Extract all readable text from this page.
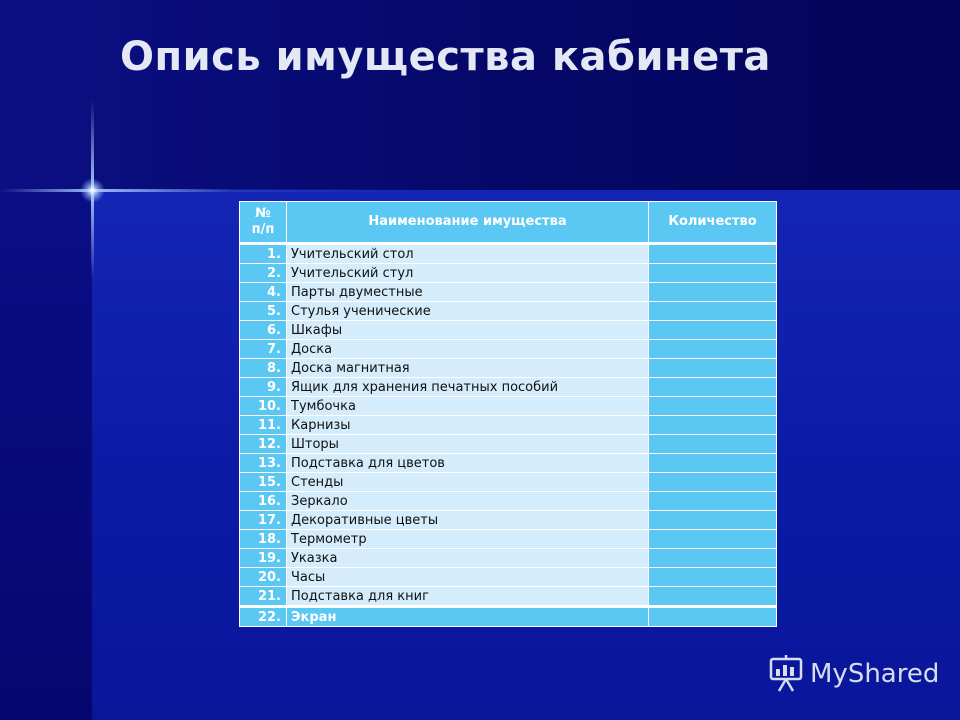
Опись имущества кабинета
№ п/п	Наименование имущества	Количество
1.	Учительский стол	
2.	Учительский стул	
4.	Парты двуместные	
5.	Стулья ученические	
6.	Шкафы	
7.	Доска	
8.	Доска магнитная	
9.	Ящик для хранения печатных пособий	
10.	Тумбочка	
11.	Карнизы	
12.	Шторы	
13.	Подставка для цветов	
15.	Стенды	
16.	Зеркало	
17.	Декоративные цветы	
18.	Термометр	
19.	Указка	
20.	Часы	
21.	Подставка для книг	
22.	Экран	
MyShared
